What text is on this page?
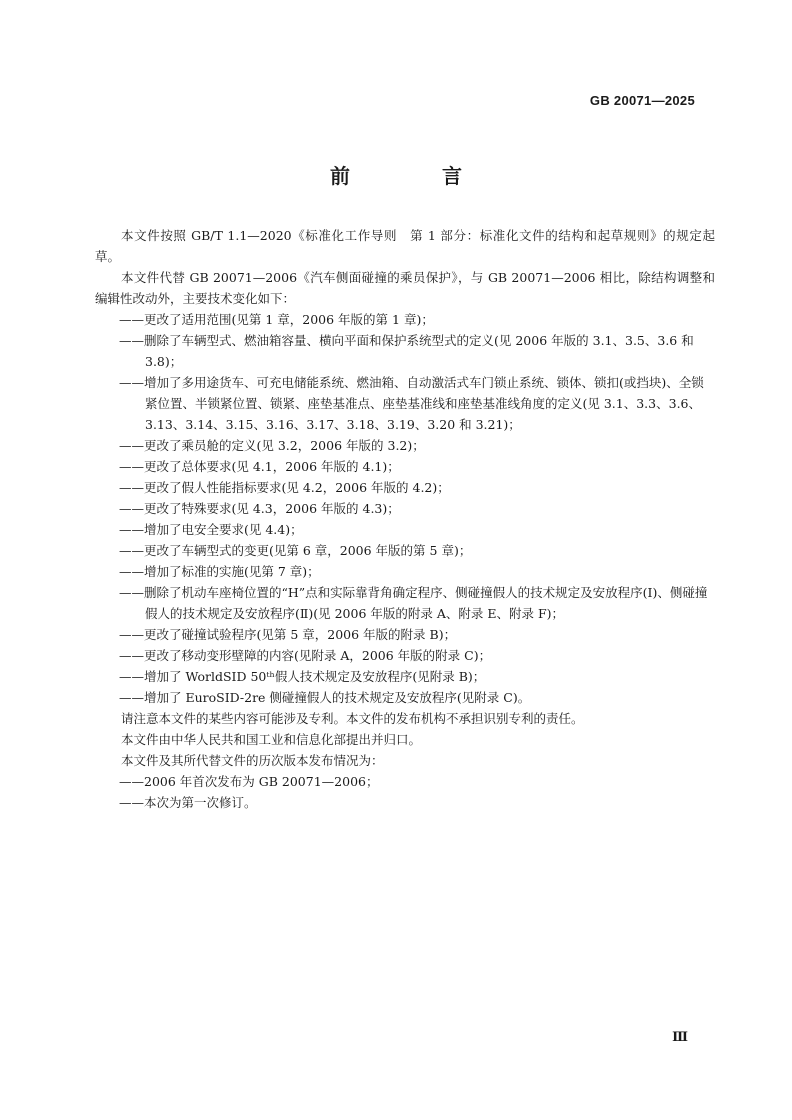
GB 20071—2025
前　言

本文件按照 GB/T 1.1—2020《标准化工作导则　第 1 部分：标准化文件的结构和起草规则》的规定起草。

本文件代替 GB 20071—2006《汽车侧面碰撞的乘员保护》，与 GB 20071—2006 相比，除结构调整和编辑性改动外，主要技术变化如下：

——更改了适用范围(见第 1 章，2006 年版的第 1 章)；

——删除了车辆型式、燃油箱容量、横向平面和保护系统型式的定义(见 2006 年版的 3.1、3.5、3.6 和 3.8)；

——增加了多用途货车、可充电储能系统、燃油箱、自动激活式车门锁止系统、锁体、锁扣(或挡块)、全锁紧位置、半锁紧位置、锁紧、座垫基准点、座垫基准线和座垫基准线角度的定义(见 3.1、3.3、3.6、3.13、3.14、3.15、3.16、3.17、3.18、3.19、3.20 和 3.21)；

——更改了乘员舱的定义(见 3.2，2006 年版的 3.2)；

——更改了总体要求(见 4.1，2006 年版的 4.1)；

——更改了假人性能指标要求(见 4.2，2006 年版的 4.2)；

——更改了特殊要求(见 4.3，2006 年版的 4.3)；

——增加了电安全要求(见 4.4)；

——更改了车辆型式的变更(见第 6 章，2006 年版的第 5 章)；

——增加了标准的实施(见第 7 章)；

——删除了机动车座椅位置的“H”点和实际靠背角确定程序、侧碰撞假人的技术规定及安放程序(Ⅰ)、侧碰撞假人的技术规定及安放程序(Ⅱ)(见 2006 年版的附录 A、附录 E、附录 F)；

——更改了碰撞试验程序(见第 5 章，2006 年版的附录 B)；

——更改了移动变形壁障的内容(见附录 A，2006 年版的附录 C)；

——增加了 WorldSID 50ᵗʰ假人技术规定及安放程序(见附录 B)；

——增加了 EuroSID-2re 侧碰撞假人的技术规定及安放程序(见附录 C)。

请注意本文件的某些内容可能涉及专利。本文件的发布机构不承担识别专利的责任。

本文件由中华人民共和国工业和信息化部提出并归口。

本文件及其所代替文件的历次版本发布情况为：

——2006 年首次发布为 GB 20071—2006；

——本次为第一次修订。

Ⅲ
